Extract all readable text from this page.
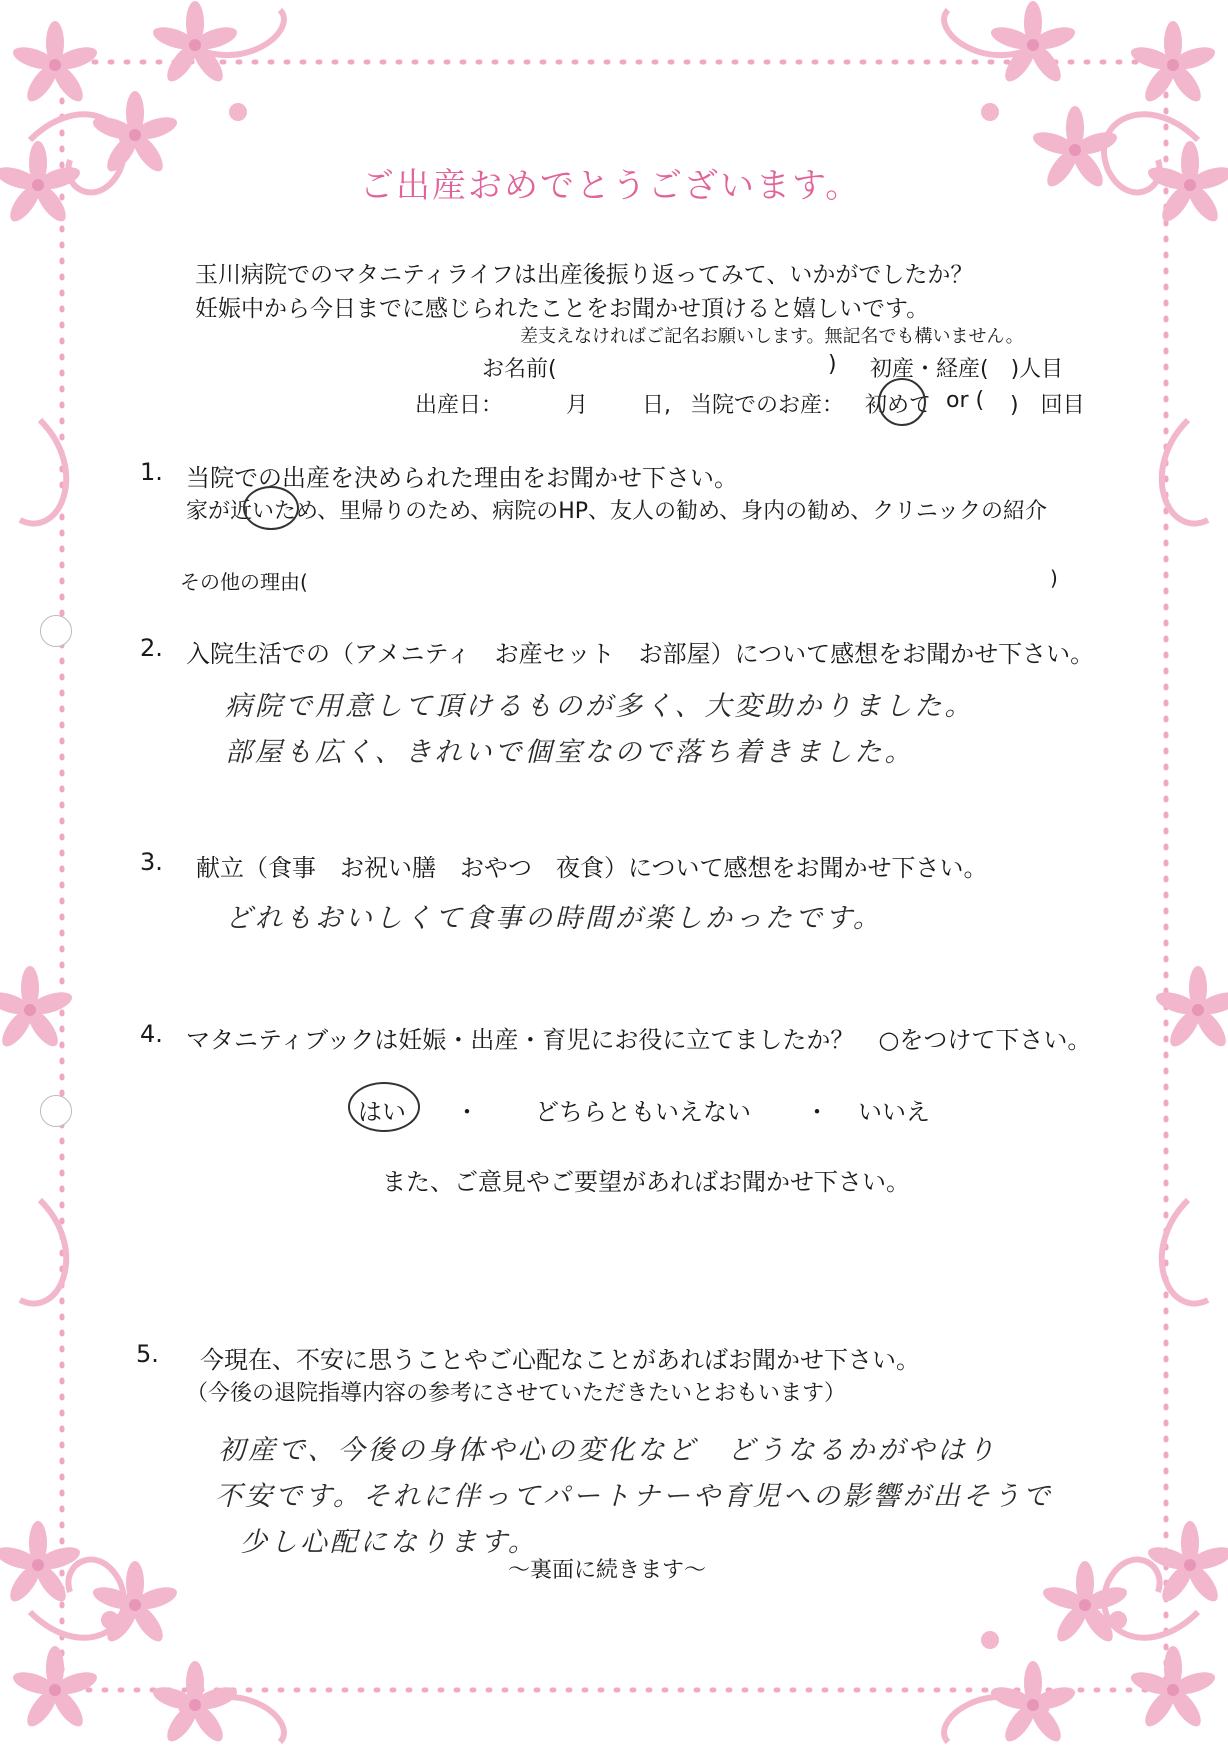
ご出産おめでとうございます。
玉川病院でのマタニティライフは出産後振り返ってみて、いかがでしたか？
妊娠中から今日までに感じられたことをお聞かせ頂けると嬉しいです。
差支えなければご記名お願いします。無記名でも構いません。
お名前(	) 初産・経産(　)人目
出産日：	月 日, 当院でのお産： 初めて or ( )　回目
1. 当院での出産を決められた理由をお聞かせ下さい。
家が近いため、里帰りのため、病院のHP、友人の勧め、身内の勧め、クリニックの紹介
その他の理由(	)
2. 入院生活での（アメニティ　お産セット　お部屋）について感想をお聞かせ下さい。
病院で用意して頂けるものが多く、大変助かりました。
部屋も広く、きれいで個室なので落ち着きました。
3. 献立（食事　お祝い膳　おやつ　夜食）について感想をお聞かせ下さい。
どれもおいしくて食事の時間が楽しかったです。
4. マタニティブックは妊娠・出産・育児にお役に立てましたか？　○をつけて下さい。
はい ・ どちらともいえない ・ いいえ
また、ご意見やご要望があればお聞かせ下さい。
5. 今現在、不安に思うことやご心配なことがあればお聞かせ下さい。
（今後の退院指導内容の参考にさせていただきたいとおもいます）
初産で、今後の身体や心の変化など　どうなるかがやはり
不安です。それに伴ってパートナーや育児への影響が出そうで
少し心配になります。
～裏面に続きます～
